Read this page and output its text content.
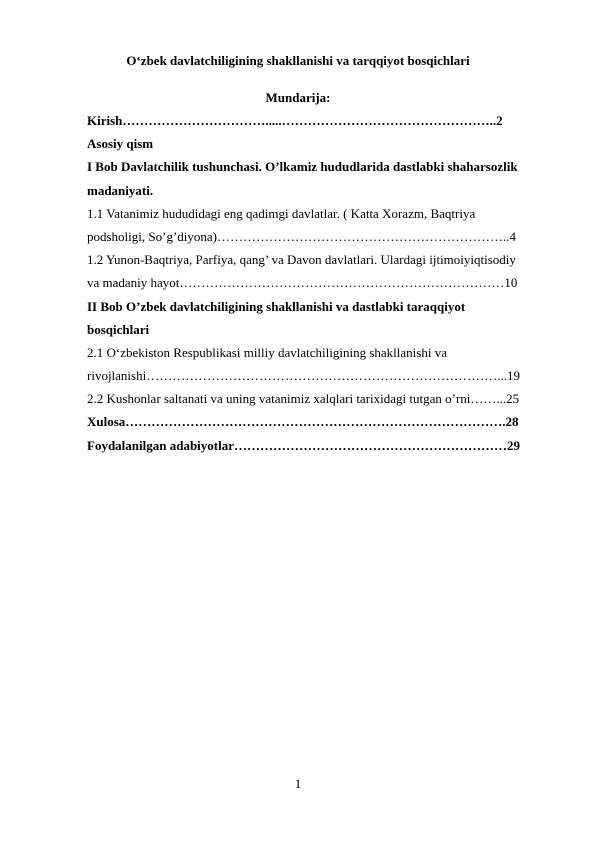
O‘zbek davlatchiligining shakllanishi va tarqqiyot bosqichlari
Mundarija:
Kirish…………………………….....…………………………………………..2
Asosiy qism
I Bob Davlatchilik tushunchasi. O’lkamiz hududlarida dastlabki shaharsozlik
madaniyati.
1.1 Vatanimiz hududidagi eng qadimgi davlatlar. ( Katta Xorazm, Baqtriya
podsholigi, So’g’diyona)…………………………………………………………..4
1.2 Yunon-Baqtriya, Parfiya, qang’ va Davon davlatlari. Ulardagi ijtimoiyiqtisodiy
va madaniy hayot…………………………………………………………………10
II Bob O’zbek davlatchiligining shakllanishi va dastlabki taraqqiyot
bosqichlari
2.1 O‘zbekiston Respublikasi milliy davlatchiligining shakllanishi va
rivojlanishi………………………………………………………………………...19
2.2 Kushonlar saltanati va uning vatanimiz xalqlari tarixidagi tutgan o’rni……...25
Xulosa…………………………………………………………………………….28
Foydalanilgan adabiyotlar………………………………………………………29
1
